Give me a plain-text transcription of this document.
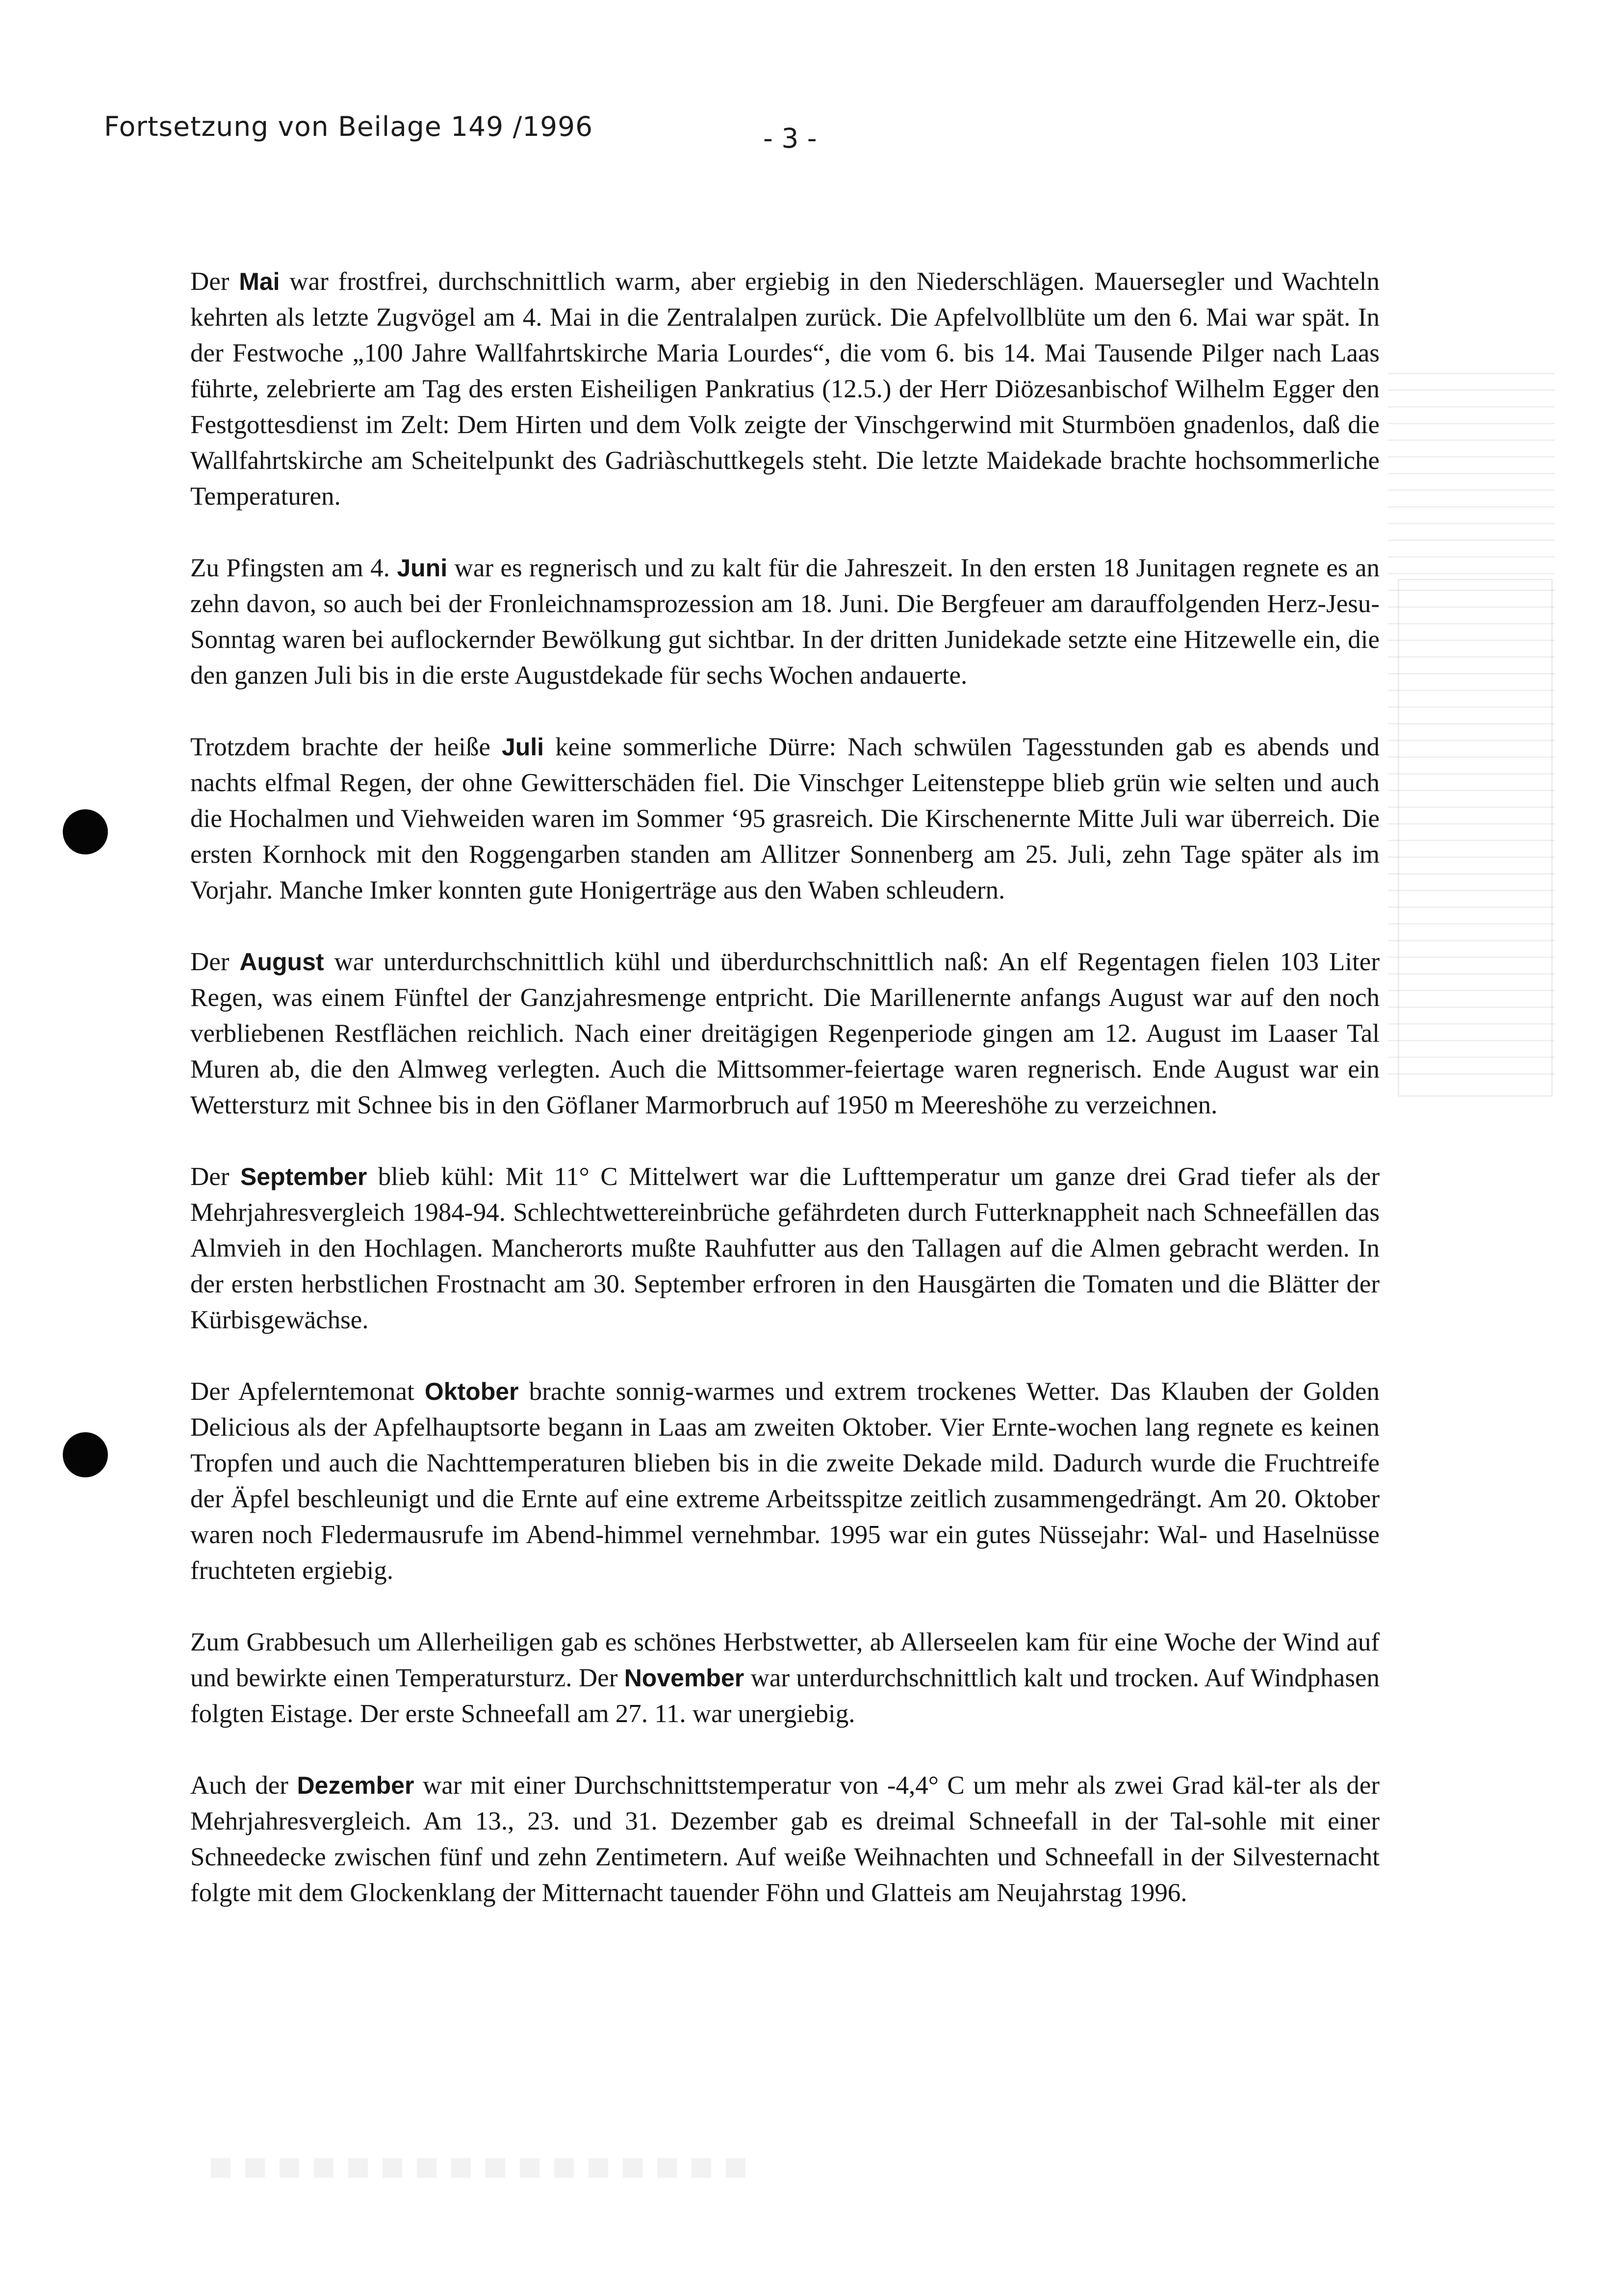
Fortsetzung von Beilage 149 /1996	- 3 -

Der Mai war frostfrei, durchschnittlich warm, aber ergiebig in den Niederschlägen. Mauersegler und Wachteln kehrten als letzte Zugvögel am 4. Mai in die Zentralalpen zurück. Die Apfelvollblüte um den 6. Mai war spät. In der Festwoche „100 Jahre Wallfahrtskirche Maria Lourdes“, die vom 6. bis 14. Mai Tausende Pilger nach Laas führte, zelebrierte am Tag des ersten Eisheiligen Pankratius (12.5.) der Herr Diözesanbischof Wilhelm Egger den Festgottesdienst im Zelt: Dem Hirten und dem Volk zeigte der Vinschgerwind mit Sturmböen gnadenlos, daß die Wallfahrtskirche am Scheitelpunkt des Gadriàschuttkegels steht. Die letzte Maidekade brachte hochsommerliche Temperaturen.

Zu Pfingsten am 4. Juni war es regnerisch und zu kalt für die Jahreszeit. In den ersten 18 Junitagen regnete es an zehn davon, so auch bei der Fronleichnamsprozession am 18. Juni. Die Bergfeuer am darauffolgenden Herz-Jesu-Sonntag waren bei auflockernder Bewölkung gut sichtbar. In der dritten Junidekade setzte eine Hitzewelle ein, die den ganzen Juli bis in die erste Augustdekade für sechs Wochen andauerte.

Trotzdem brachte der heiße Juli keine sommerliche Dürre: Nach schwülen Tagesstunden gab es abends und nachts elfmal Regen, der ohne Gewitterschäden fiel. Die Vinschger Leitensteppe blieb grün wie selten und auch die Hochalmen und Viehweiden waren im Sommer ‘95 grasreich. Die Kirschenernte Mitte Juli war überreich. Die ersten Kornhock mit den Roggengarben standen am Allitzer Sonnenberg am 25. Juli, zehn Tage später als im Vorjahr. Manche Imker konnten gute Honigerträge aus den Waben schleudern.

Der August war unterdurchschnittlich kühl und überdurchschnittlich naß: An elf Regentagen fielen 103 Liter Regen, was einem Fünftel der Ganzjahresmenge entpricht. Die Marillenernte anfangs August war auf den noch verbliebenen Restflächen reichlich. Nach einer dreitägigen Regenperiode gingen am 12. August im Laaser Tal Muren ab, die den Almweg verlegten. Auch die Mittsommer-feiertage waren regnerisch. Ende August war ein Wettersturz mit Schnee bis in den Göflaner Marmorbruch auf 1950 m Meereshöhe zu verzeichnen.

Der September blieb kühl: Mit 11° C Mittelwert war die Lufttemperatur um ganze drei Grad tiefer als der Mehrjahresvergleich 1984-94. Schlechtwettereinbrüche gefährdeten durch Futterknappheit nach Schneefällen das Almvieh in den Hochlagen. Mancherorts mußte Rauhfutter aus den Tallagen auf die Almen gebracht werden. In der ersten herbstlichen Frostnacht am 30. September erfroren in den Hausgärten die Tomaten und die Blätter der Kürbisgewächse.

Der Apfelerntemonat Oktober brachte sonnig-warmes und extrem trockenes Wetter. Das Klauben der Golden Delicious als der Apfelhauptsorte begann in Laas am zweiten Oktober. Vier Ernte-wochen lang regnete es keinen Tropfen und auch die Nachttemperaturen blieben bis in die zweite Dekade mild. Dadurch wurde die Fruchtreife der Äpfel beschleunigt und die Ernte auf eine extreme Arbeitsspitze zeitlich zusammengedrängt. Am 20. Oktober waren noch Fledermausrufe im Abend-himmel vernehmbar. 1995 war ein gutes Nüssejahr: Wal- und Haselnüsse fruchteten ergiebig.

Zum Grabbesuch um Allerheiligen gab es schönes Herbstwetter, ab Allerseelen kam für eine Woche der Wind auf und bewirkte einen Temperatursturz. Der November war unterdurchschnittlich kalt und trocken. Auf Windphasen folgten Eistage. Der erste Schneefall am 27. 11. war unergiebig.

Auch der Dezember war mit einer Durchschnittstemperatur von -4,4° C um mehr als zwei Grad käl-ter als der Mehrjahresvergleich. Am 13., 23. und 31. Dezember gab es dreimal Schneefall in der Tal-sohle mit einer Schneedecke zwischen fünf und zehn Zentimetern. Auf weiße Weihnachten und Schneefall in der Silvesternacht folgte mit dem Glockenklang der Mitternacht tauender Föhn und Glatteis am Neujahrstag 1996.
